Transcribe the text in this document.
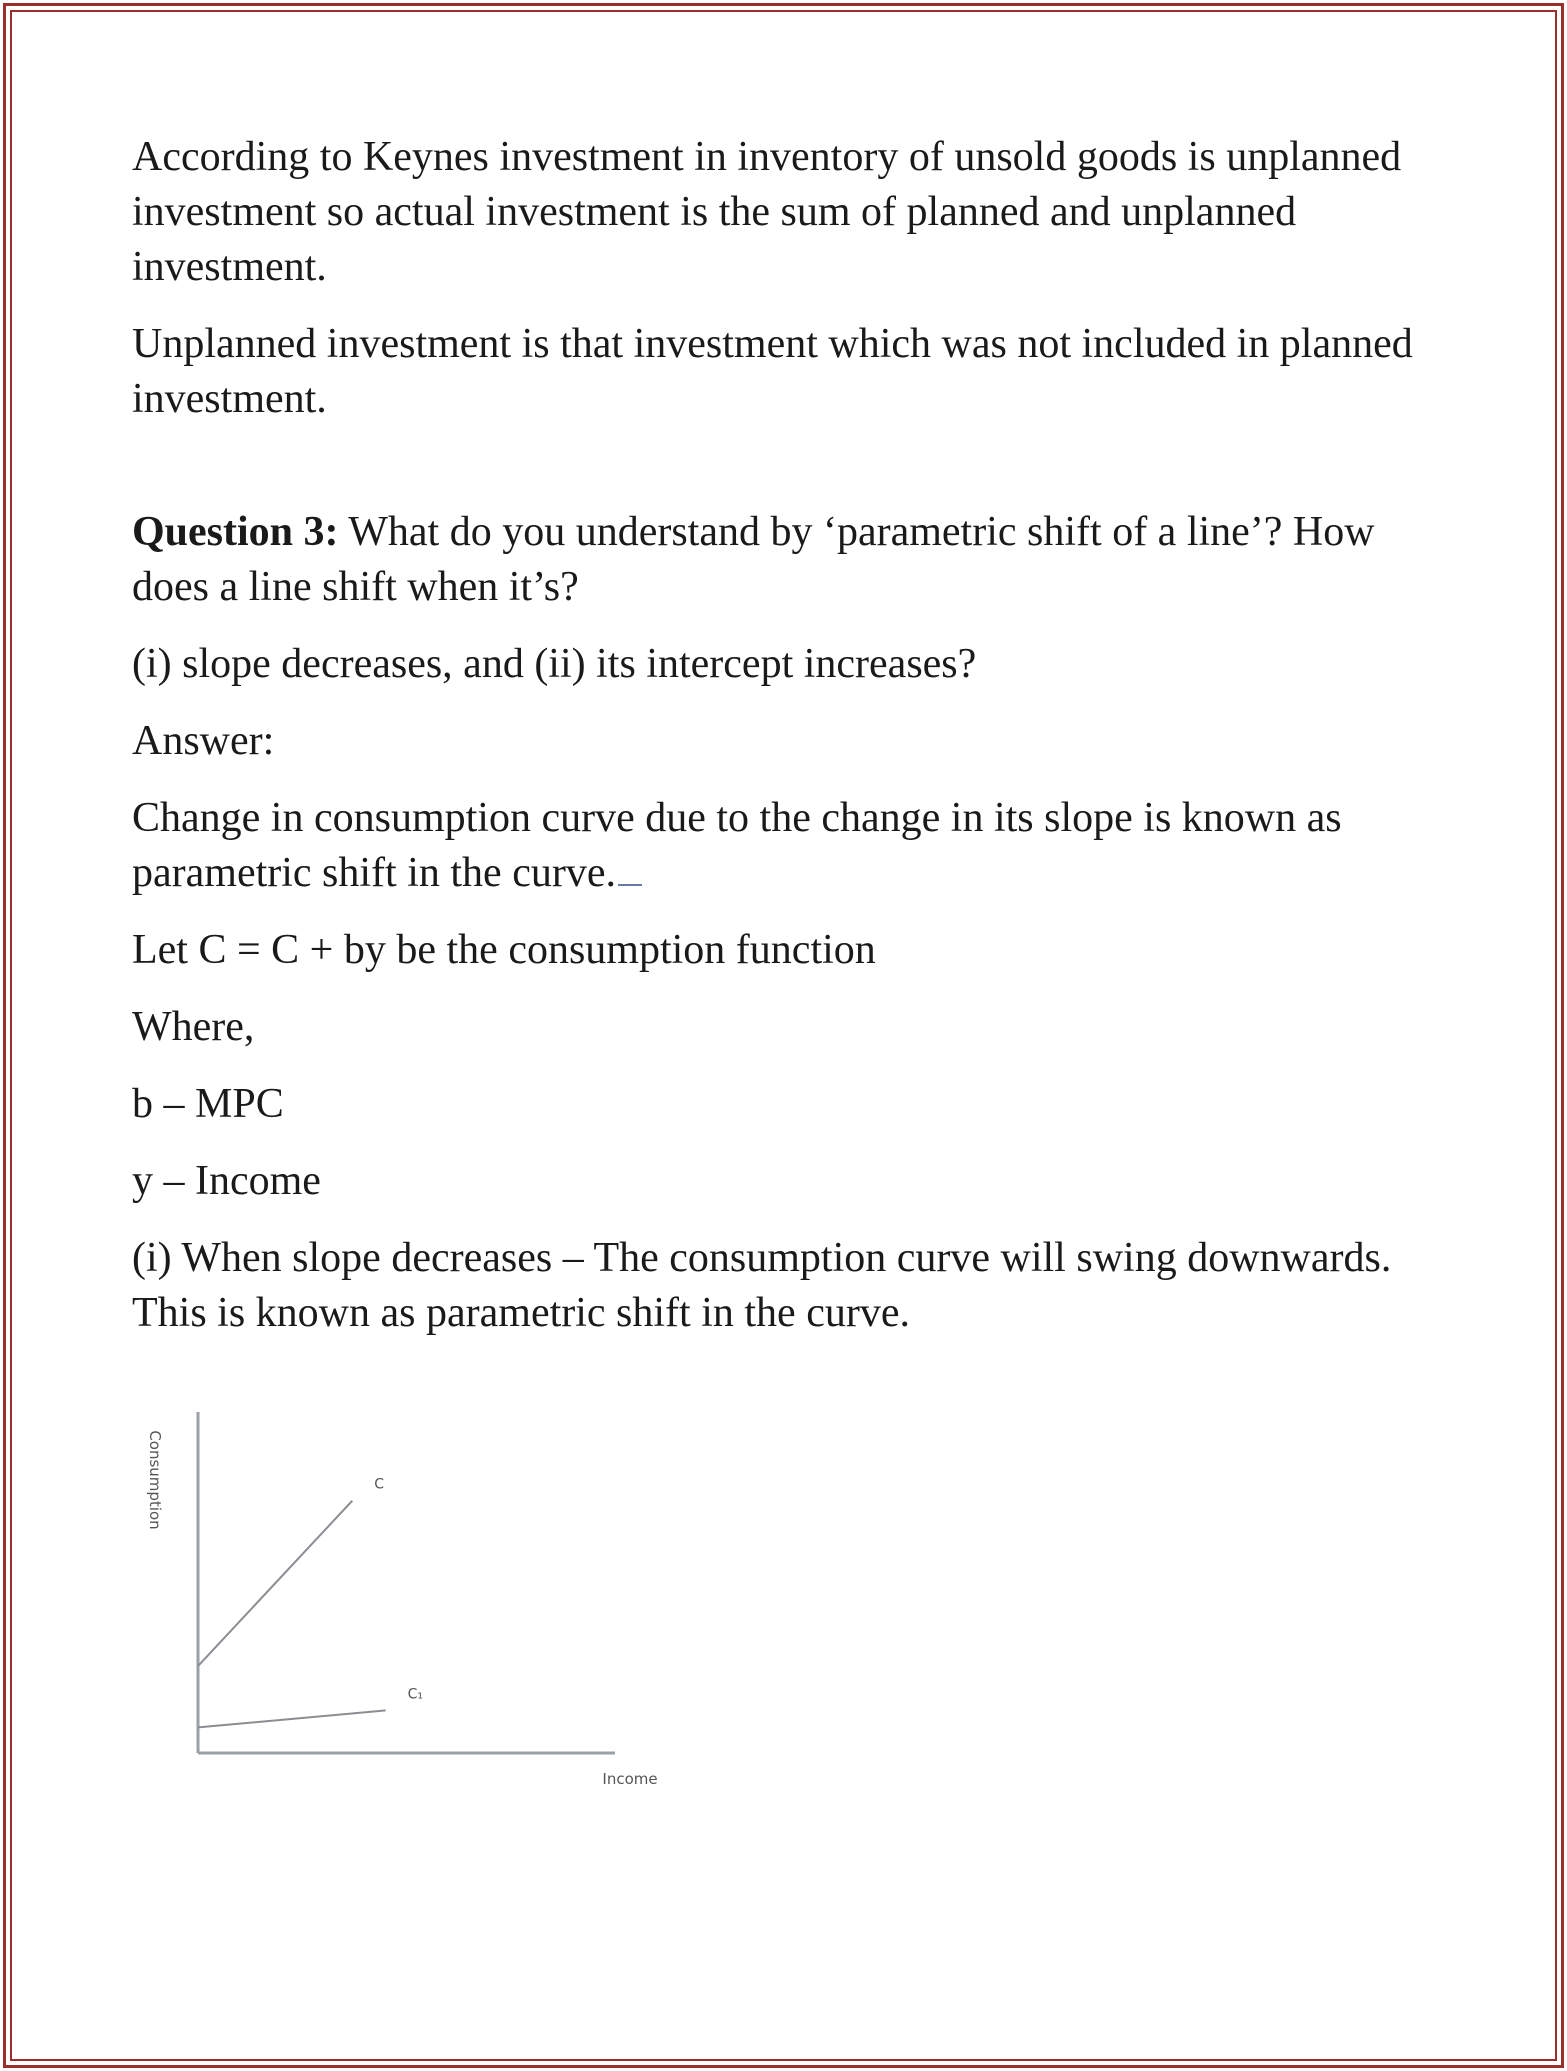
According to Keynes investment in inventory of unsold goods is unplanned investment so actual investment is the sum of planned and unplanned investment.

Unplanned investment is that investment which was not included in planned investment.

Question 3: What do you understand by ‘parametric shift of a line’? How does a line shift when it’s?

(i) slope decreases, and (ii) its intercept increases?

Answer:

Change in consumption curve due to the change in its slope is known as parametric shift in the curve.

Let C = C + by be the consumption function

Where,

b – MPC

y – Income

(i) When slope decreases – The consumption curve will swing downwards. This is known as parametric shift in the curve.

Consumption
Income
C
C₁
